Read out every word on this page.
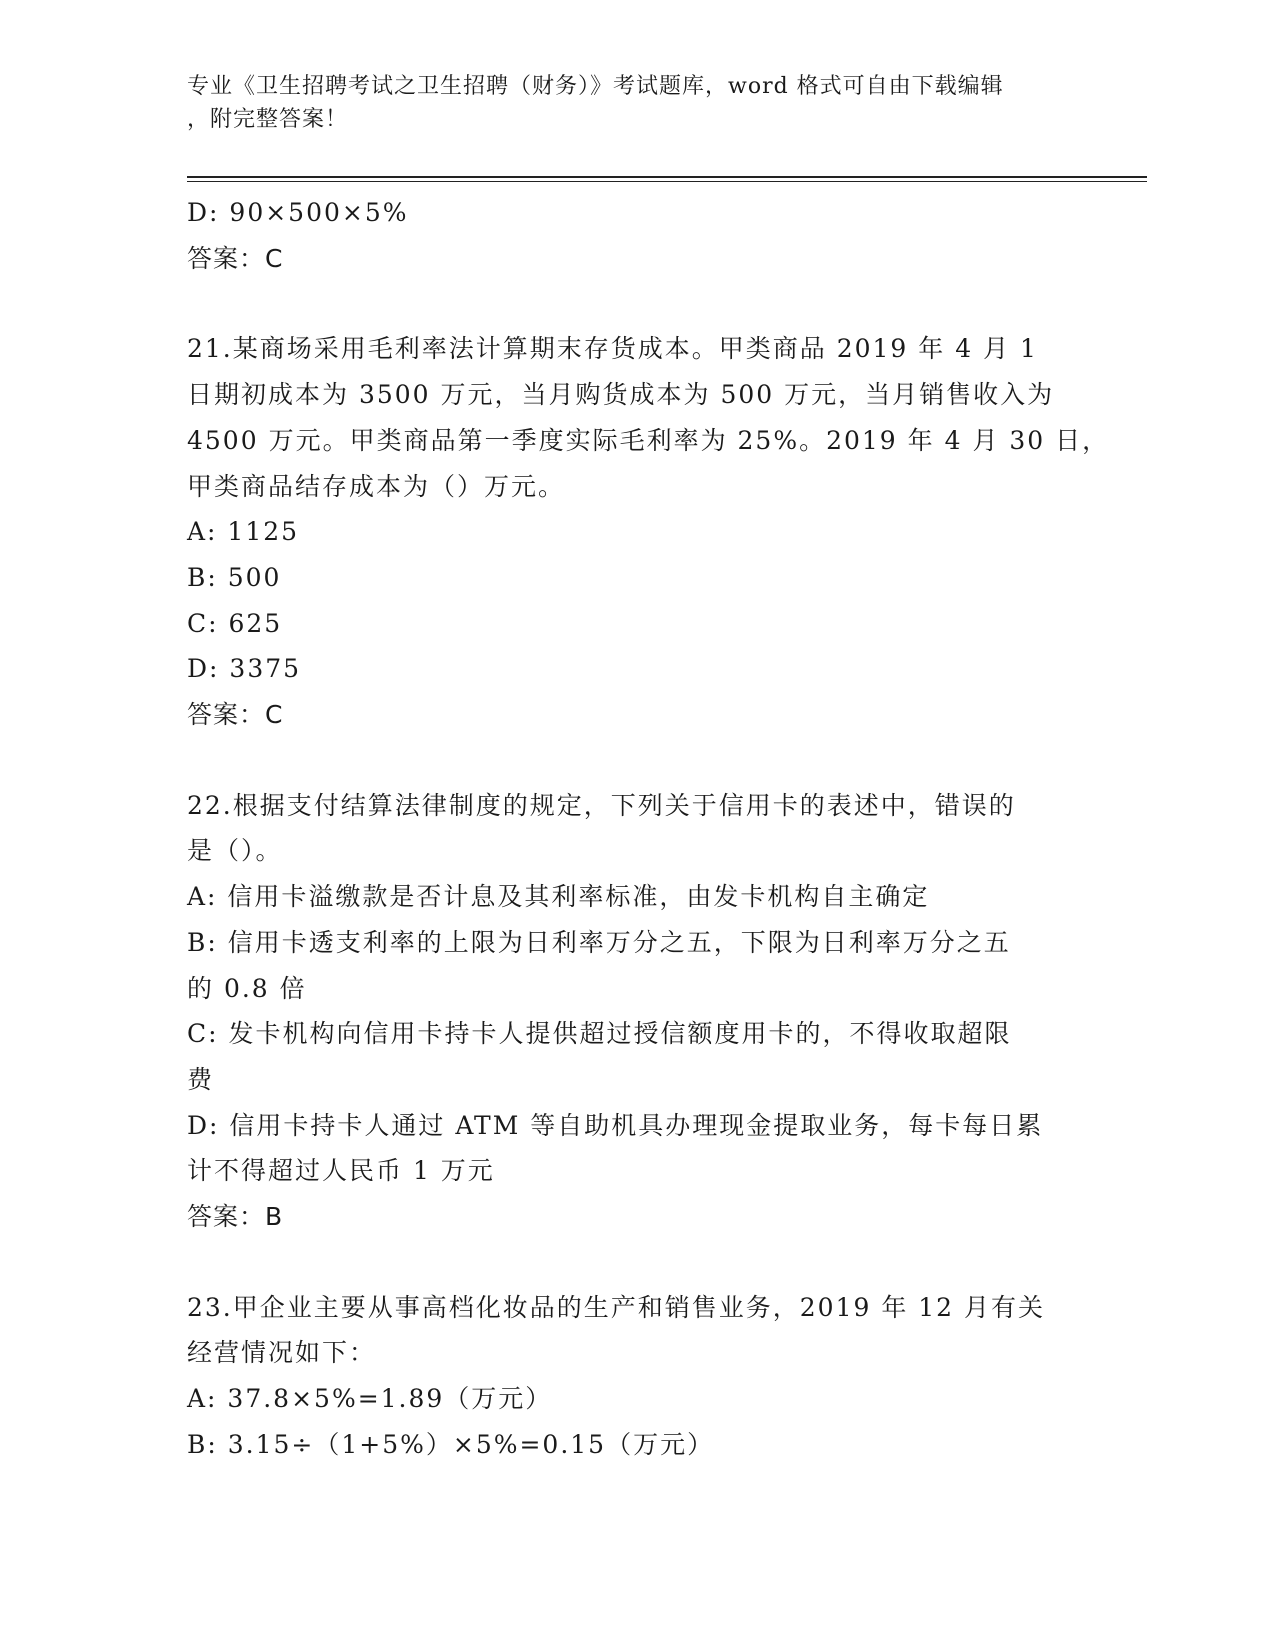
专业《卫生招聘考试之卫生招聘（财务）》考试题库，word 格式可自由下载编辑
，附完整答案！
D: 90×500×5%
答案：C
21.某商场采用毛利率法计算期末存货成本。甲类商品 2019 年 4 月 1
日期初成本为 3500 万元，当月购货成本为 500 万元，当月销售收入为
4500 万元。甲类商品第一季度实际毛利率为 25%。2019 年 4 月 30 日，
甲类商品结存成本为（）万元。
A: 1125
B: 500
C: 625
D: 3375
答案：C
22.根据支付结算法律制度的规定，下列关于信用卡的表述中，错误的
是（）。
A: 信用卡溢缴款是否计息及其利率标准，由发卡机构自主确定
B: 信用卡透支利率的上限为日利率万分之五，下限为日利率万分之五
的 0.8 倍
C: 发卡机构向信用卡持卡人提供超过授信额度用卡的，不得收取超限
费
D: 信用卡持卡人通过 ATM 等自助机具办理现金提取业务，每卡每日累
计不得超过人民币 1 万元
答案：B
23.甲企业主要从事高档化妆品的生产和销售业务，2019 年 12 月有关
经营情况如下：
A: 37.8×5%=1.89（万元）
B: 3.15÷（1+5%）×5%=0.15（万元）
